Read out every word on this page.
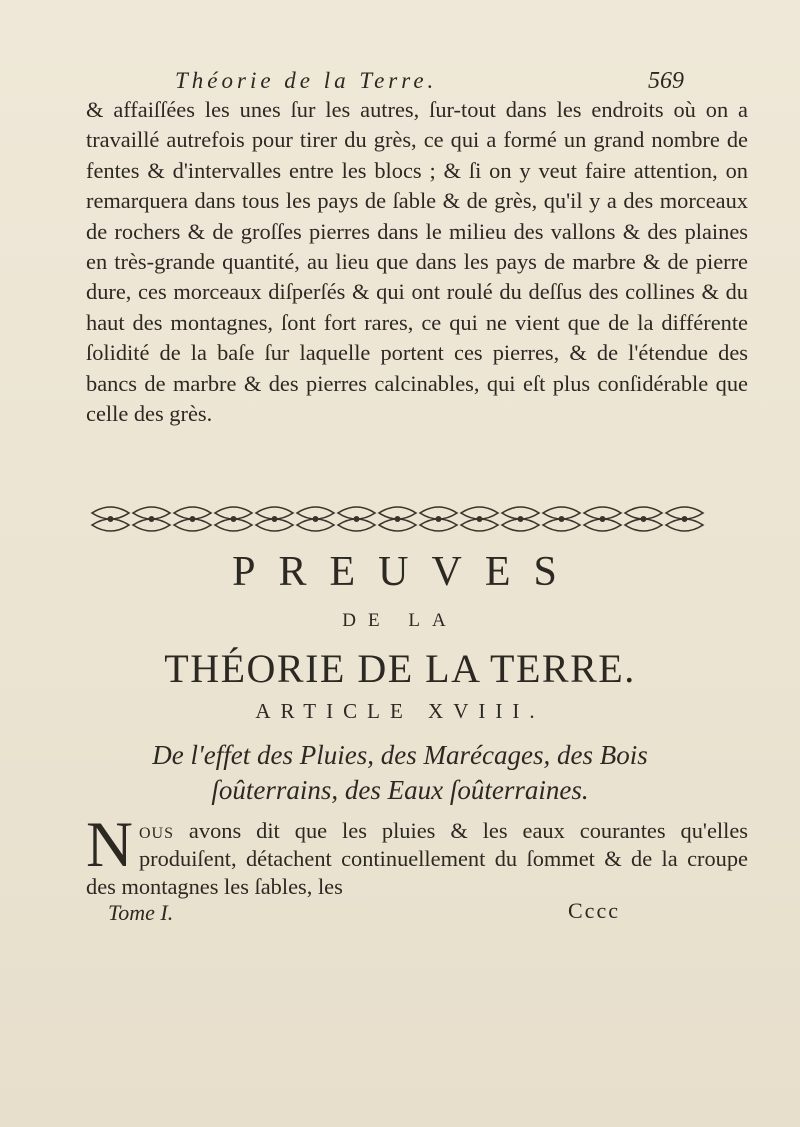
Théorie de la Terre.	569

& affaiſſées les unes ſur les autres, ſur-tout dans les endroits où on a travaillé autrefois pour tirer du grès, ce qui a formé un grand nombre de fentes & d'intervalles entre les blocs ; & ſi on y veut faire attention, on remarquera dans tous les pays de ſable & de grès, qu'il y a des morceaux de rochers & de groſſes pierres dans le milieu des vallons & des plaines en très-grande quantité, au lieu que dans les pays de marbre & de pierre dure, ces morceaux diſperſés & qui ont roulé du deſſus des collines & du haut des montagnes, ſont fort rares, ce qui ne vient que de la différente ſolidité de la baſe ſur laquelle portent ces pierres, & de l'étendue des bancs de marbre & des pierres calcinables, qui eſt plus conſidérable que celle des grès.

PREUVES
DE LA
THÉORIE DE LA TERRE.
ARTICLE XVIII.
De l'effet des Pluies, des Marécages, des Bois
ſoûterrains, des Eaux ſoûterraines.

Nous avons dit que les pluies & les eaux courantes qu'elles produiſent, détachent continuellement du ſommet & de la croupe des montagnes les ſables, les

Tome I.	Cccc
